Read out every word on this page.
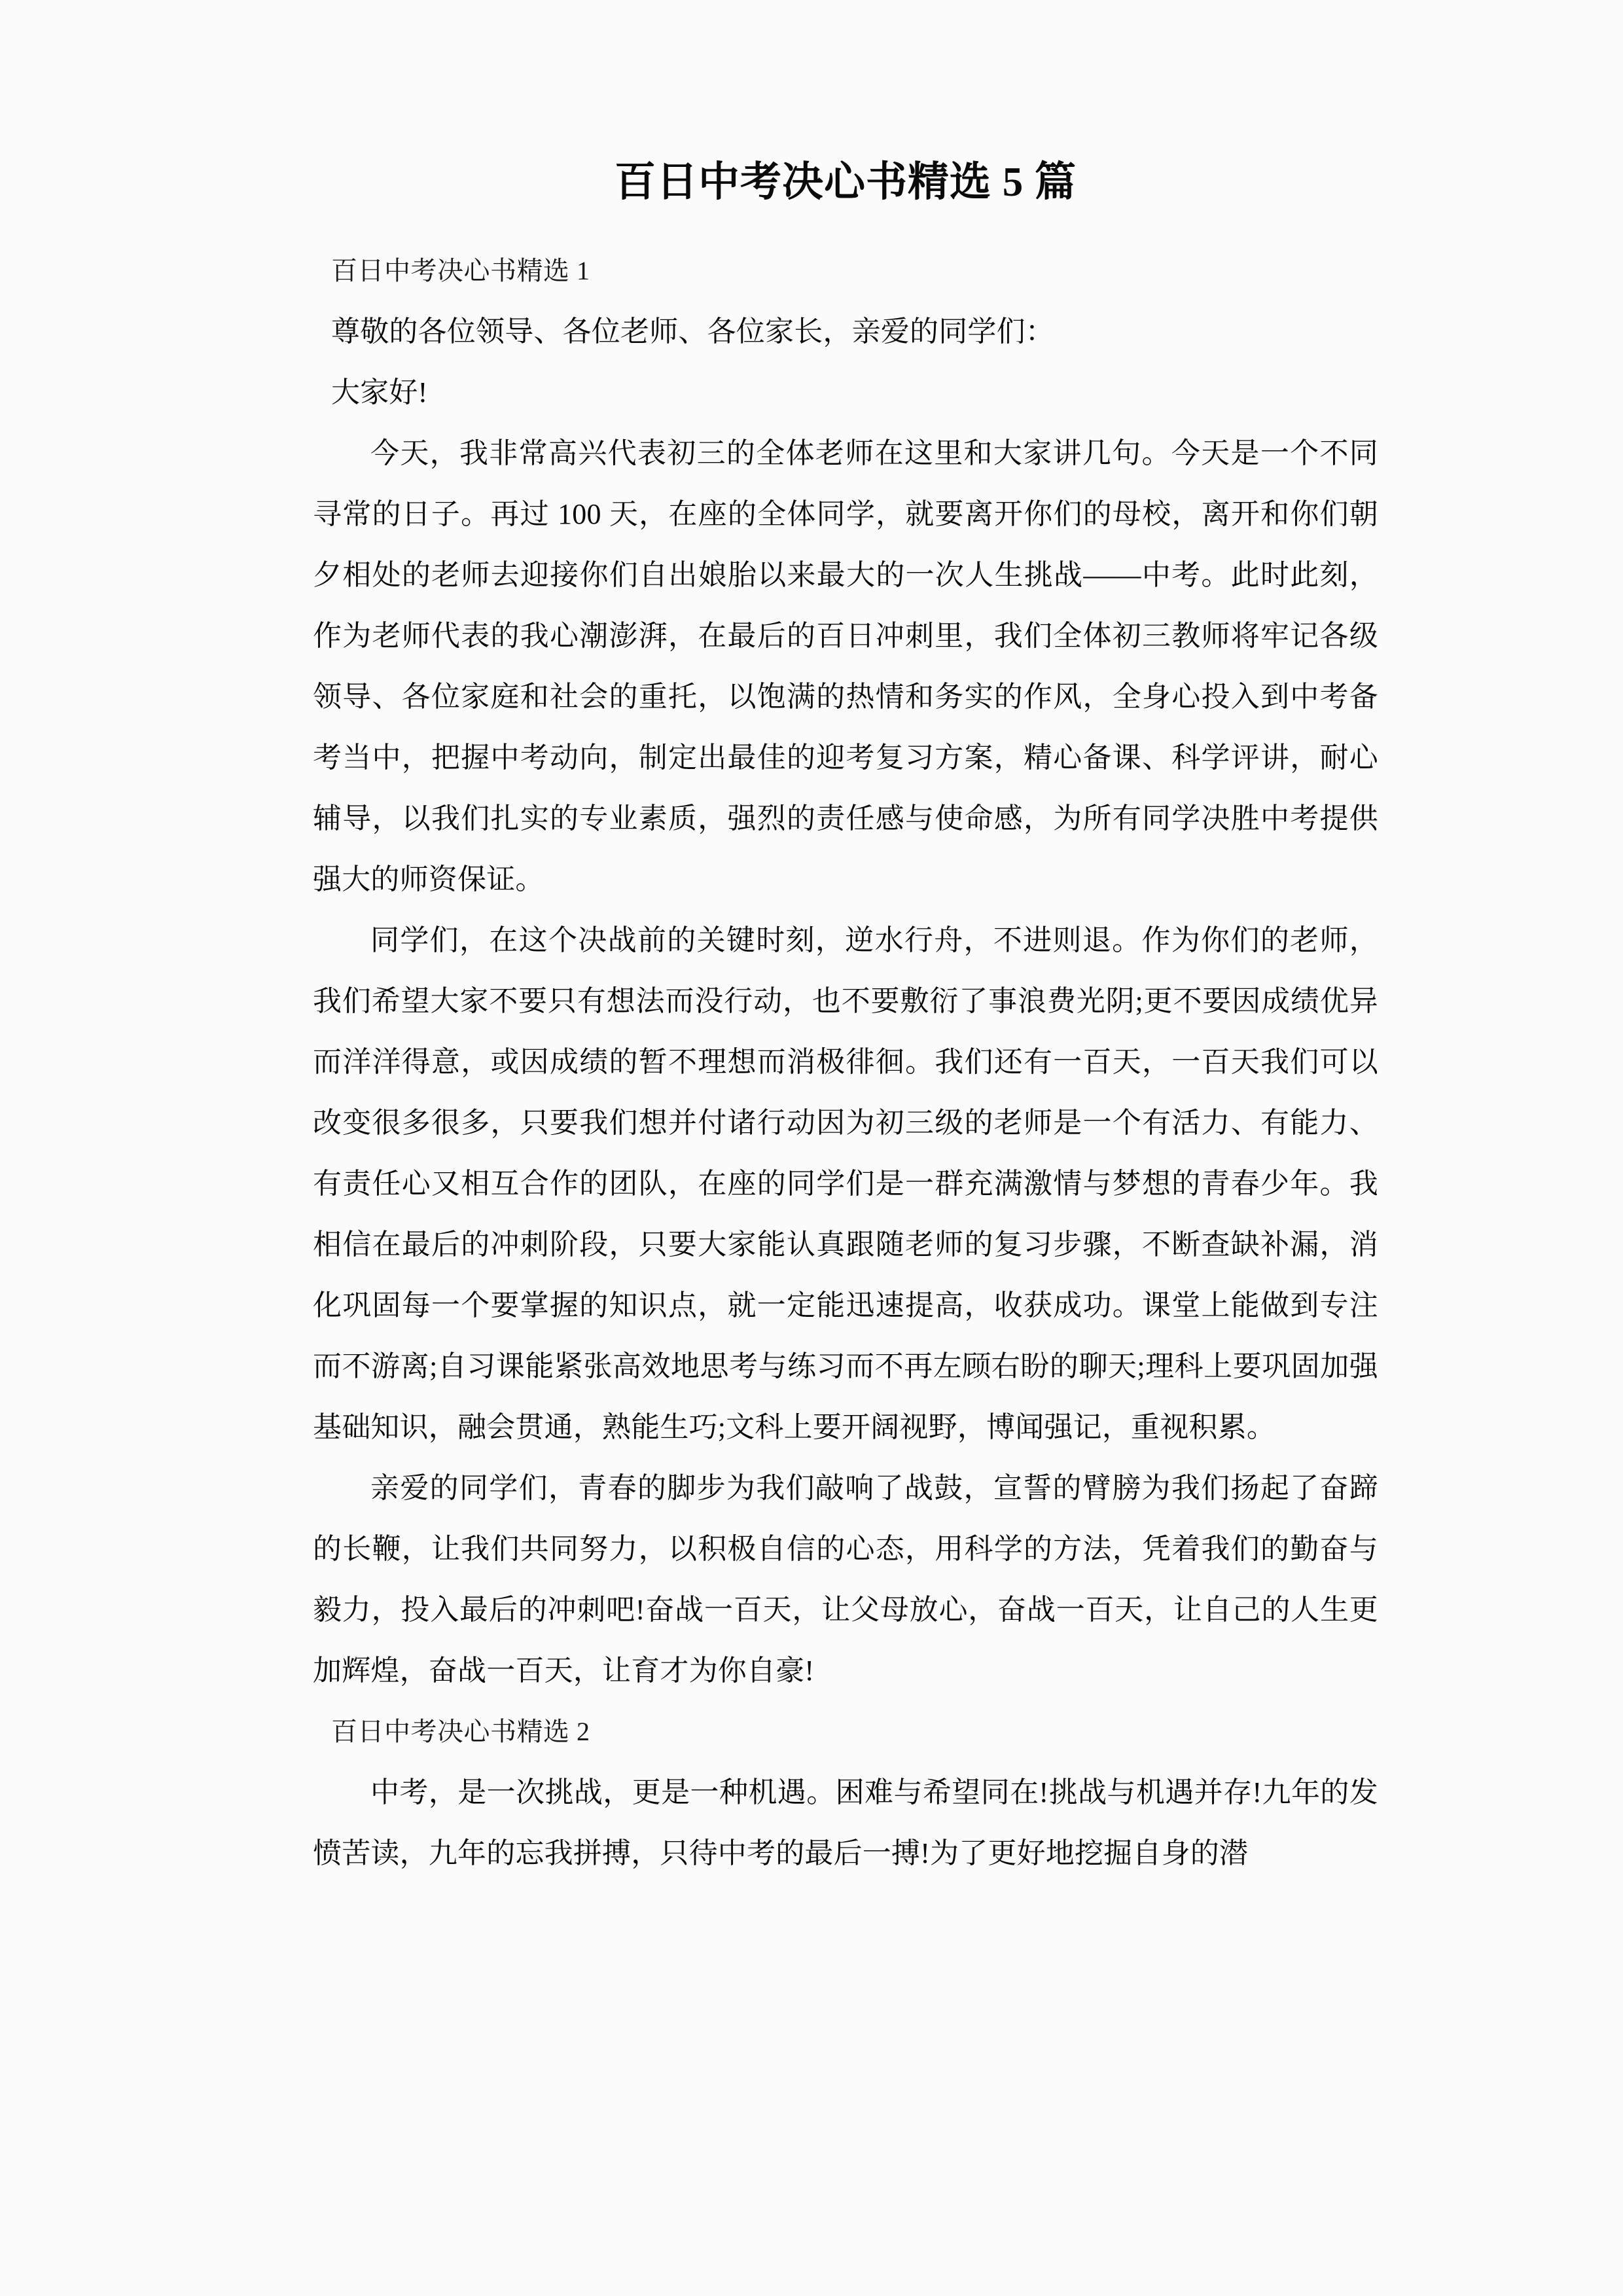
百日中考决心书精选 5 篇

百日中考决心书精选 1

尊敬的各位领导、各位老师、各位家长，亲爱的同学们：

大家好!

今天，我非常高兴代表初三的全体老师在这里和大家讲几句。今天是一个不同寻常的日子。再过 100 天，在座的全体同学，就要离开你们的母校，离开和你们朝夕相处的老师去迎接你们自出娘胎以来最大的一次人生挑战——中考。此时此刻，作为老师代表的我心潮澎湃，在最后的百日冲刺里，我们全体初三教师将牢记各级领导、各位家庭和社会的重托，以饱满的热情和务实的作风，全身心投入到中考备考当中，把握中考动向，制定出最佳的迎考复习方案，精心备课、科学评讲，耐心辅导，以我们扎实的专业素质，强烈的责任感与使命感，为所有同学决胜中考提供强大的师资保证。

同学们，在这个决战前的关键时刻，逆水行舟，不进则退。作为你们的老师，我们希望大家不要只有想法而没行动，也不要敷衍了事浪费光阴;更不要因成绩优异而洋洋得意，或因成绩的暂不理想而消极徘徊。我们还有一百天，一百天我们可以改变很多很多，只要我们想并付诸行动因为初三级的老师是一个有活力、有能力、有责任心又相互合作的团队，在座的同学们是一群充满激情与梦想的青春少年。我相信在最后的冲刺阶段，只要大家能认真跟随老师的复习步骤，不断查缺补漏，消化巩固每一个要掌握的知识点，就一定能迅速提高，收获成功。课堂上能做到专注而不游离;自习课能紧张高效地思考与练习而不再左顾右盼的聊天;理科上要巩固加强基础知识，融会贯通，熟能生巧;文科上要开阔视野，博闻强记，重视积累。

亲爱的同学们，青春的脚步为我们敲响了战鼓，宣誓的臂膀为我们扬起了奋蹄的长鞭，让我们共同努力，以积极自信的心态，用科学的方法，凭着我们的勤奋与毅力，投入最后的冲刺吧!奋战一百天，让父母放心，奋战一百天，让自己的人生更加辉煌，奋战一百天，让育才为你自豪!

百日中考决心书精选 2

中考，是一次挑战，更是一种机遇。困难与希望同在!挑战与机遇并存!九年的发愤苦读，九年的忘我拼搏，只待中考的最后一搏!为了更好地挖掘自身的潜
